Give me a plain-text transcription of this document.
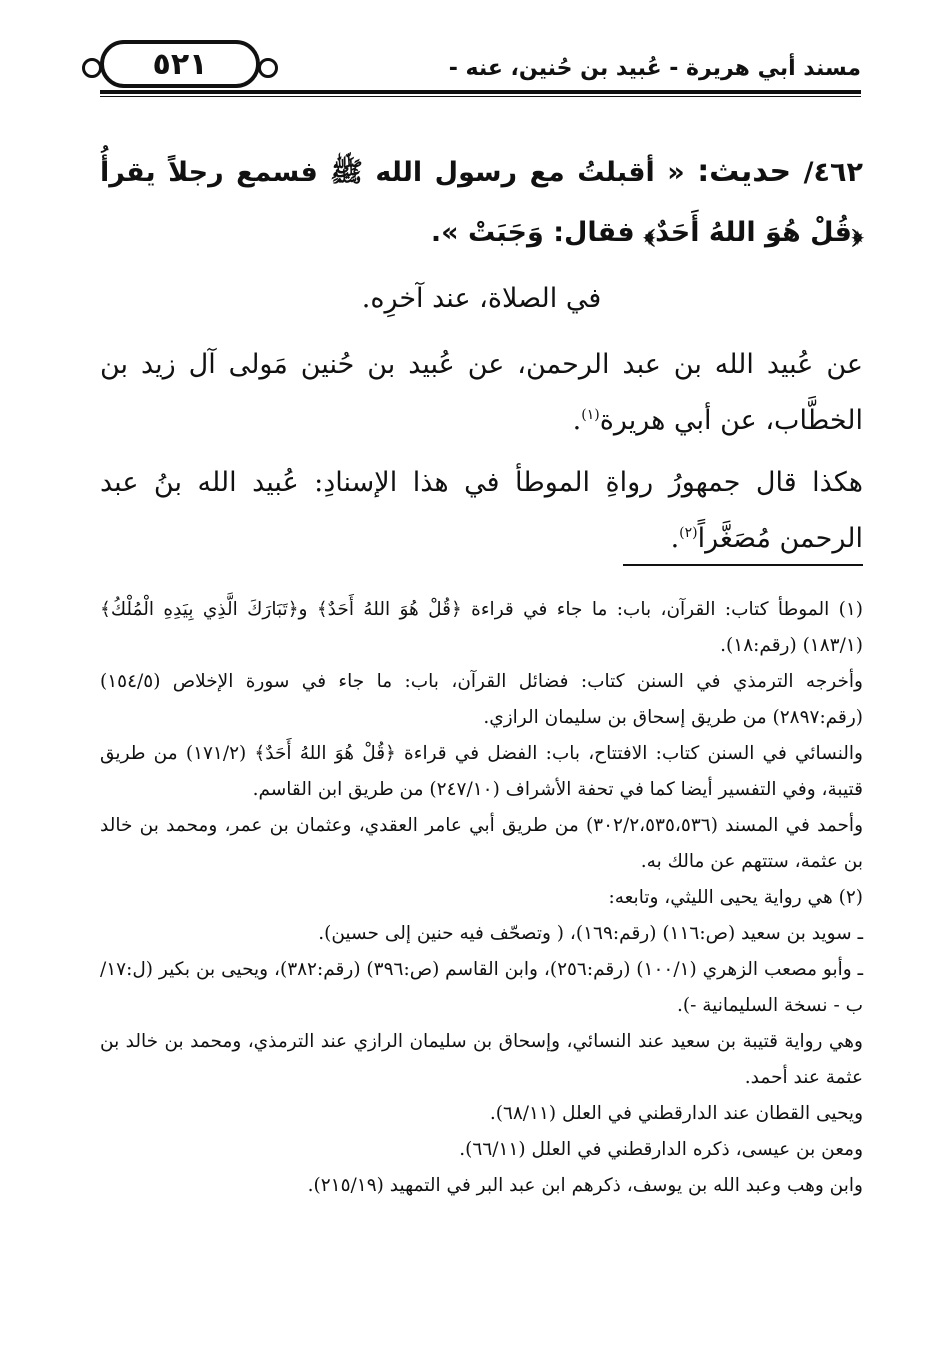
مسند أبي هريرة - عُبيد بن حُنين، عنه -
٥٢١
٤٦٢/ حديث: « أقبلتُ مع رسول الله ﷺ فسمع رجلاً يقرأُ ﴿قُلْ هُوَ اللهُ أَحَدٌ﴾ فقال: وَجَبَتْ ».
في الصلاة، عند آخرِه.
عن عُبيد الله بن عبد الرحمن، عن عُبيد بن حُنين مَولى آل زيد بن الخطَّاب، عن أبي هريرة$^{(١)}$.
هكذا قال جمهورُ رواةِ الموطأ في هذا الإسنادِ: عُبيد الله بنُ عبد الرحمن مُصَغَّراً$^{(٢)}$.

(١) الموطأ كتاب: القرآن، باب: ما جاء في قراءة ﴿قُلْ هُوَ اللهُ أَحَدٌ﴾ و﴿تَبَارَكَ الَّذِي بِيَدِهِ الْمُلْكُ﴾ (١٨٣/١) (رقم:١٨).

وأخرجه الترمذي في السنن كتاب: فضائل القرآن، باب: ما جاء في سورة الإخلاص (١٥٤/٥) (رقم:٢٨٩٧) من طريق إسحاق بن سليمان الرازي.

والنسائي في السنن كتاب: الافتتاح، باب: الفضل في قراءة ﴿قُلْ هُوَ اللهُ أَحَدٌ﴾ (١٧١/٢) من طريق قتيبة، وفي التفسير أيضا كما في تحفة الأشراف (٢٤٧/١٠) من طريق ابن القاسم.

وأحمد في المسند (٣٠٢/٢،٥٣٥،٥٣٦) من طريق أبي عامر العقدي، وعثمان بن عمر، ومحمد بن خالد بن عثمة، ستتهم عن مالك به.

(٢) هي رواية يحيى الليثي، وتابعه:

ـ سويد بن سعيد (ص:١١٦) (رقم:١٦٩)، ( وتصحّف فيه حنين إلى حسين).

ـ وأبو مصعب الزهري (١٠٠/١) (رقم:٢٥٦)، وابن القاسم (ص:٣٩٦) (رقم:٣٨٢)، ويحيى بن بكير (ل:١٧/ب - نسخة السليمانية -).

وهي رواية قتيبة بن سعيد عند النسائي، وإسحاق بن سليمان الرازي عند الترمذي، ومحمد بن خالد بن عثمة عند أحمد.

ويحيى القطان عند الدارقطني في العلل (٦٨/١١).

ومعن بن عيسى، ذكره الدارقطني في العلل (٦٦/١١).

وابن وهب وعبد الله بن يوسف، ذكرهم ابن عبد البر في التمهيد (٢١٥/١٩).
